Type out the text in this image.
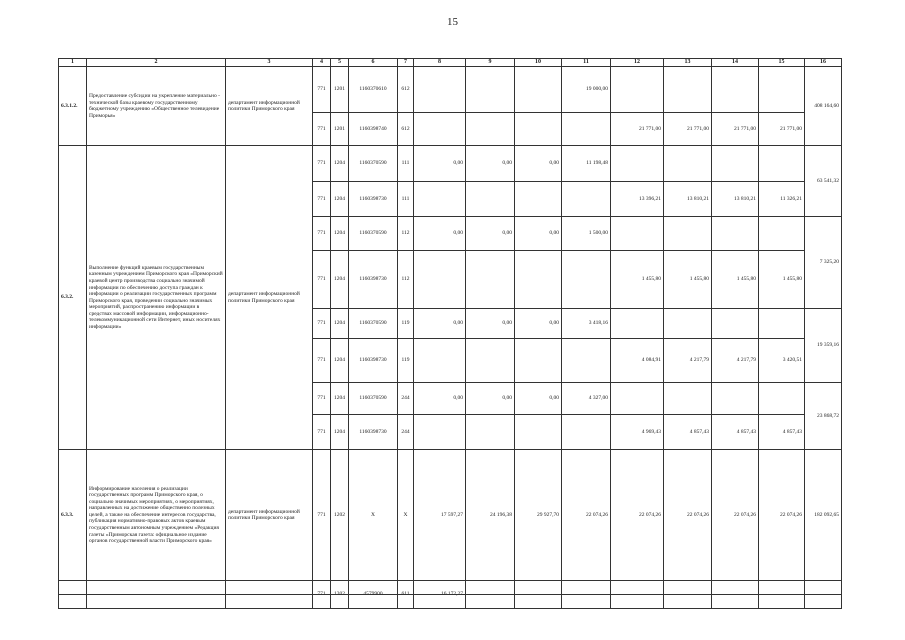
15
1	2	3	4	5	6	7	8	9	10	11	12	13	14	15	16
6.3.1.2.	Предоставление субсидии на укрепление материально - технической базы краевому государственному бюджетному учреждению «Общественное телевидение Приморья»	департамент информационной политики Приморского края	771	1201	1160370610	612				19 000,00					408 164,60
			771	1201	1160398740	612					21 771,00	21 771,00	21 771,00	21 771,00	
6.3.2.	Выполнение функций краевым государственным казенным учреждением Приморского края «Приморский краевой центр производства социально значимой информации по обеспечению доступа граждан к информации о реализации государственных программ Приморского края, проведении социально значимых мероприятий, распространению информации в средствах массовой информации, информационно-телекоммуникационной сети Интернет, иных носителях информации»	департамент информационной политики Приморского края	771	1204	1160370590	111	0,00	0,00	0,00	11 198,48					63 541,32
			771	1204	1160398730	111					13 396,21	13 810,21	13 810,21	11 326,21	
			771	1204	1160370590	112	0,00	0,00	0,00	1 500,00					7 325,20
			771	1204	1160398730	112					1 455,80	1 455,80	1 455,80	1 455,80	
			771	1204	1160370590	119	0,00	0,00	0,00	3 418,16					19 359,16
			771	1204	1160398730	119					4 084,91	4 217,79	4 217,79	3 420,51	
			771	1204	1160370590	244	0,00	0,00	0,00	4 327,00					23 868,72
			771	1204	1160398730	244					4 969,43	4 857,43	4 857,43	4 857,43	
6.3.3.	Информирование населения о реализации государственных программ Приморского края, о социально значимых мероприятиях, о мероприятиях, направленных на достижение общественно полезных целей, а также на обеспечение интересов государства, публикация нормативно-правовых актов краевым государственным автономным учреждением «Редакция газеты «Приморская газета: официальное издание органов государственной власти Приморского края»	департамент информационной политики Приморского края	771	1202	X	X	17 597,27	24 196,38	29 927,70	22 074,26	22 074,26	22 074,26	22 074,26	22 074,26	182 092,65
			771	1202	4579900	611	16 172,27								
